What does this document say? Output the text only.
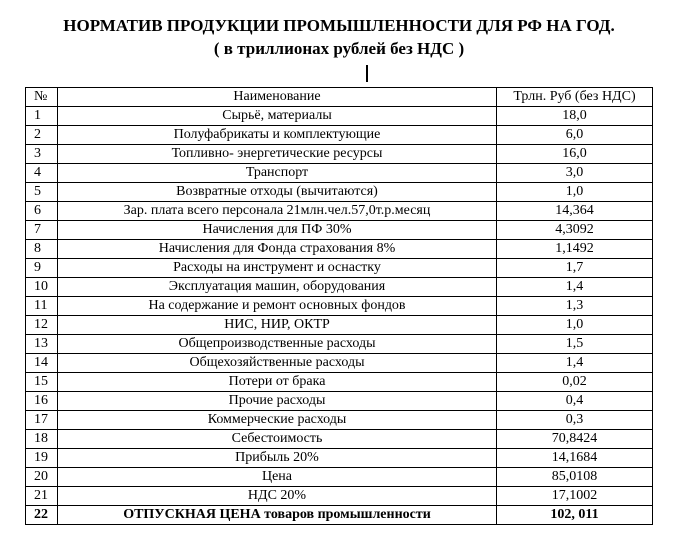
НОРМАТИВ ПРОДУКЦИИ ПРОМЫШЛЕННОСТИ ДЛЯ РФ НА ГОД.
( в триллионах рублей без НДС )
№	Наименование	Трлн. Руб (без НДС)
1	Сырьё, материалы	18,0
2	Полуфабрикаты и комплектующие	6,0
3	Топливно- энергетические ресурсы	16,0
4	Транспорт	3,0
5	Возвратные отходы (вычитаются)	1,0
6	Зар. плата всего персонала 21млн.чел.57,0т.р.месяц	14,364
7	Начисления для ПФ 30%	4,3092
8	Начисления для Фонда страхования 8%	1,1492
9	Расходы на инструмент и оснастку	1,7
10	Эксплуатация машин, оборудования	1,4
11	На содержание и ремонт основных фондов	1,3
12	НИС, НИР, ОКТР	1,0
13	Общепроизводственные расходы	1,5
14	Общехозяйственные расходы	1,4
15	Потери от брака	0,02
16	Прочие расходы	0,4
17	Коммерческие расходы	0,3
18	Себестоимость	70,8424
19	Прибыль 20%	14,1684
20	Цена	85,0108
21	НДС 20%	17,1002
22	ОТПУСКНАЯ ЦЕНА товаров промышленности	102, 011
